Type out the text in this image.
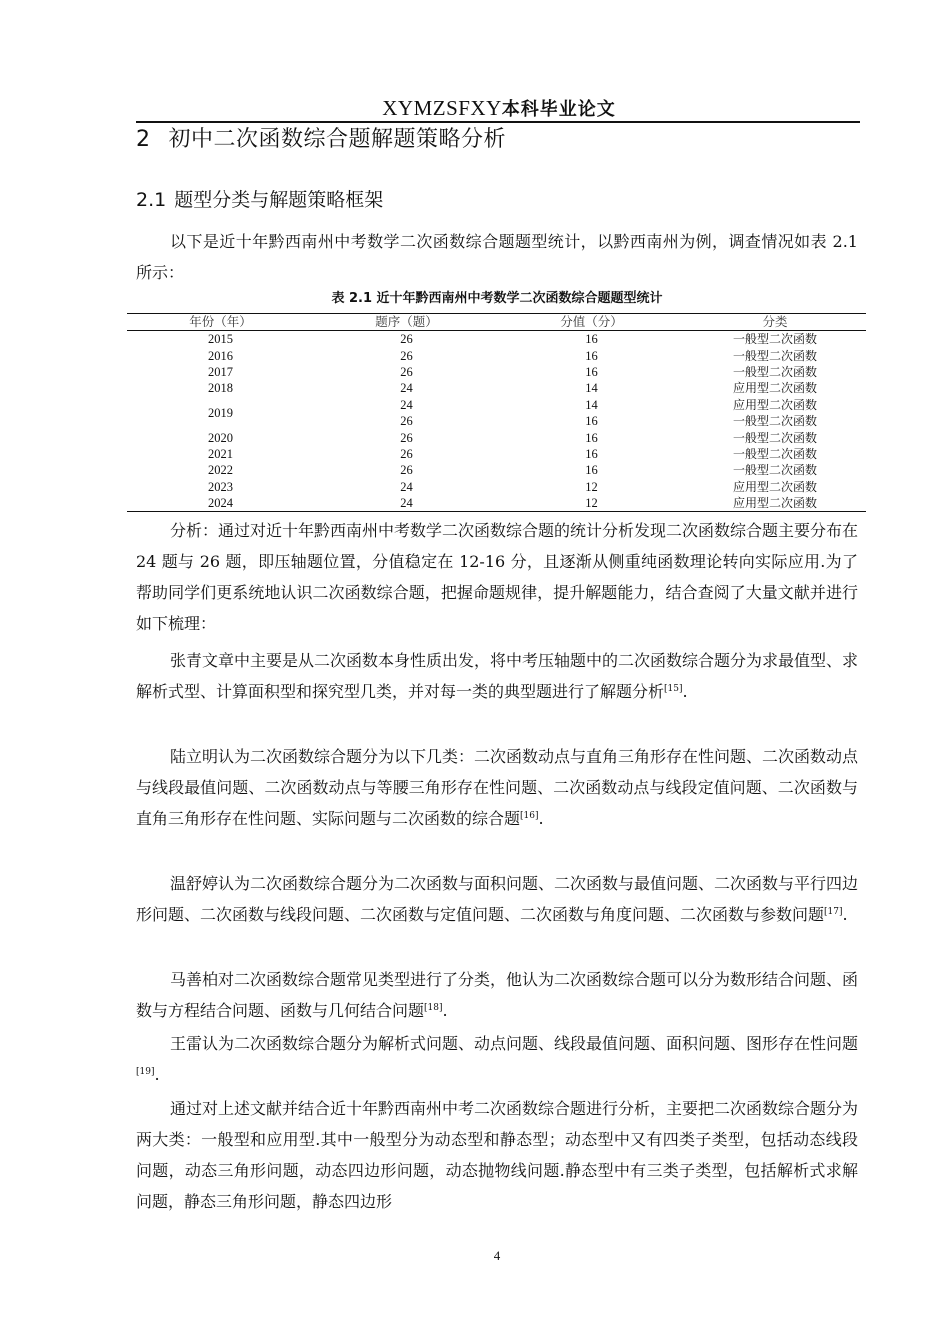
XYMZSFXY本科毕业论文
2 初中二次函数综合题解题策略分析
2.1 题型分类与解题策略框架

以下是近十年黔西南州中考数学二次函数综合题题型统计，以黔西南州为例，调查情况如表 2.1 所示：

表 2.1 近十年黔西南州中考数学二次函数综合题题型统计
年份（年）	题序（题）	分值（分）	分类
2015	26	16	一般型二次函数
2016	26	16	一般型二次函数
2017	26	16	一般型二次函数
2018	24	14	应用型二次函数
2019	24	14	应用型二次函数
	26	16	一般型二次函数
2020	26	16	一般型二次函数
2021	26	16	一般型二次函数
2022	26	16	一般型二次函数
2023	24	12	应用型二次函数
2024	24	12	应用型二次函数

分析：通过对近十年黔西南州中考数学二次函数综合题的统计分析发现二次函数综合题主要分布在 24 题与 26 题，即压轴题位置，分值稳定在 12-16 分，且逐渐从侧重纯函数理论转向实际应用.为了帮助同学们更系统地认识二次函数综合题，把握命题规律，提升解题能力，结合查阅了大量文献并进行如下梳理：

张青文章中主要是从二次函数本身性质出发，将中考压轴题中的二次函数综合题分为求最值型、求解析式型、计算面积型和探究型几类，并对每一类的典型题进行了解题分析[15].

陆立明认为二次函数综合题分为以下几类：二次函数动点与直角三角形存在性问题、二次函数动点与线段最值问题、二次函数动点与等腰三角形存在性问题、二次函数动点与线段定值问题、二次函数与直角三角形存在性问题、实际问题与二次函数的综合题[16].

温舒婷认为二次函数综合题分为二次函数与面积问题、二次函数与最值问题、二次函数与平行四边形问题、二次函数与线段问题、二次函数与定值问题、二次函数与角度问题、二次函数与参数问题[17].

马善柏对二次函数综合题常见类型进行了分类，他认为二次函数综合题可以分为数形结合问题、函数与方程结合问题、函数与几何结合问题[18].

王雷认为二次函数综合题分为解析式问题、动点问题、线段最值问题、面积问题、图形存在性问题[19].

通过对上述文献并结合近十年黔西南州中考二次函数综合题进行分析，主要把二次函数综合题分为两大类：一般型和应用型.其中一般型分为动态型和静态型；动态型中又有四类子类型，包括动态线段问题，动态三角形问题，动态四边形问题，动态抛物线问题.静态型中有三类子类型，包括解析式求解问题，静态三角形问题，静态四边形

4
